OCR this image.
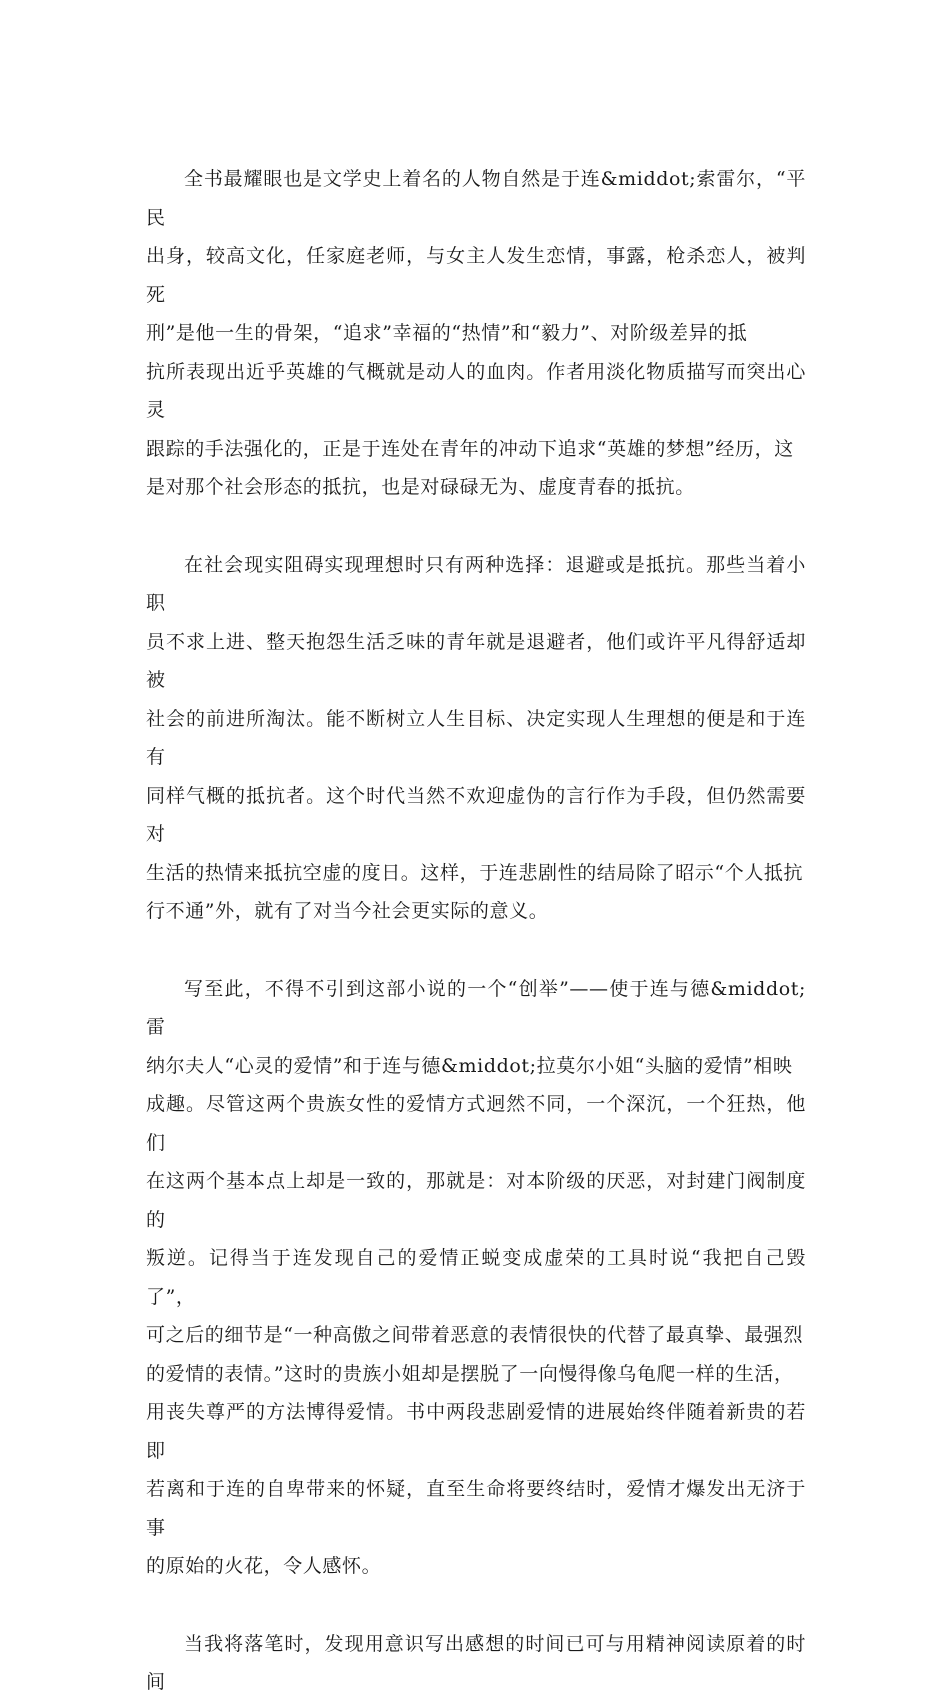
全书最耀眼也是文学史上着名的人物自然是于连&middot;索雷尔，“平民
出身，较高文化，任家庭老师，与女主人发生恋情，事露，枪杀恋人，被判死
刑”是他一生的骨架，“追求”幸福的“热情”和“毅力”、对阶级差异的抵
抗所表现出近乎英雄的气概就是动人的血肉。作者用淡化物质描写而突出心灵
跟踪的手法强化的，正是于连处在青年的冲动下追求“英雄的梦想”经历，这
是对那个社会形态的抵抗，也是对碌碌无为、虚度青春的抵抗。

在社会现实阻碍实现理想时只有两种选择：退避或是抵抗。那些当着小职
员不求上进、整天抱怨生活乏味的青年就是退避者，他们或许平凡得舒适却被
社会的前进所淘汰。能不断树立人生目标、决定实现人生理想的便是和于连有
同样气概的抵抗者。这个时代当然不欢迎虚伪的言行作为手段，但仍然需要对
生活的热情来抵抗空虚的度日。这样，于连悲剧性的结局除了昭示“个人抵抗
行不通”外，就有了对当今社会更实际的意义。

写至此，不得不引到这部小说的一个“创举”——使于连与德&middot;雷
纳尔夫人“心灵的爱情”和于连与德&middot;拉莫尔小姐“头脑的爱情”相映
成趣。尽管这两个贵族女性的爱情方式迥然不同，一个深沉，一个狂热，他们
在这两个基本点上却是一致的，那就是：对本阶级的厌恶，对封建门阀制度的
叛逆。记得当于连发现自己的爱情正蜕变成虚荣的工具时说“我把自己毁了”，
可之后的细节是“一种高傲之间带着恶意的表情很快的代替了最真挚、最强烈
的爱情的表情。”这时的贵族小姐却是摆脱了一向慢得像乌龟爬一样的生活，
用丧失尊严的方法博得爱情。书中两段悲剧爱情的进展始终伴随着新贵的若即
若离和于连的自卑带来的怀疑，直至生命将要终结时，爱情才爆发出无济于事
的原始的火花，令人感怀。

当我将落笔时，发现用意识写出感想的时间已可与用精神阅读原着的时间
